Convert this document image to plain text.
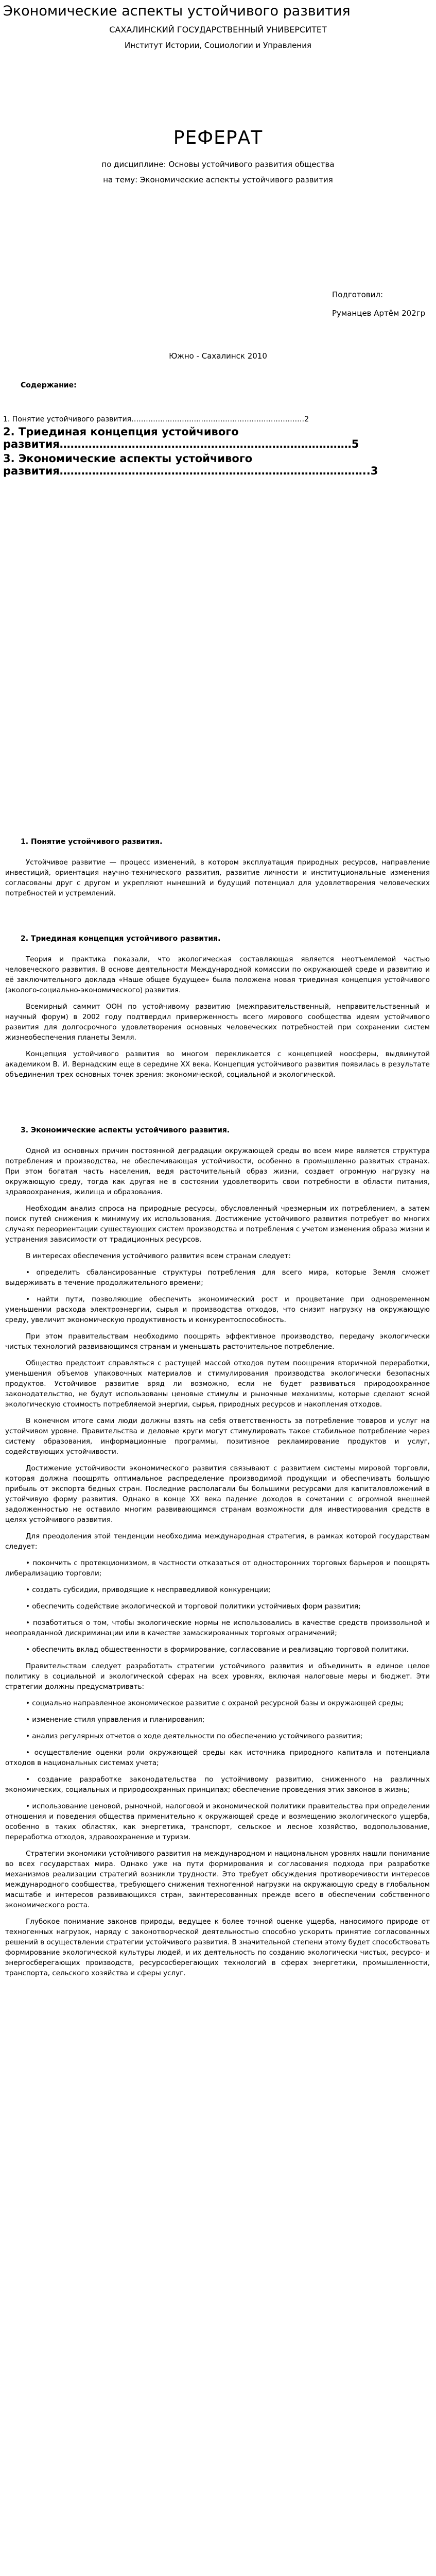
Экономические аспекты устойчивого развития
САХАЛИНСКИЙ ГОСУДАРСТВЕННЫЙ УНИВЕРСИТЕТ
Институт Истории, Социологии и Управления
РЕФЕРАТ
по дисциплине: Основы устойчивого развития общества
на тему: Экономические аспекты устойчивого развития
Подготовил:
Руманцев Артём 202гр
Южно - Сахалинск 2010
Содержание:
1. Понятие устойчивого развития………………………………………………………………2
2. Триединая концепция устойчивого развития………………………………………………………………………5
3. Экономические аспекты устойчивого развития…………………………………………………………………………..3
1. Понятие устойчивого развития.

Устойчивое развитие — процесс изменений, в котором эксплуатация природных ресурсов, направление инвестиций, ориентация научно-технического развития, развитие личности и институциональные изменения согласованы друг с другом и укрепляют нынешний и будущий потенциал для удовлетворения человеческих потребностей и устремлений.

2. Триединая концепция устойчивого развития.

Теория и практика показали, что экологическая составляющая является неотъемлемой частью человеческого развития. В основе деятельности Международной комиссии по окружающей среде и развитию и её заключительного доклада «Наше общее будущее» была положена новая триединая концепция устойчивого (эколого-социально-экономического) развития.

Всемирный саммит ООН по устойчивому развитию (межправительственный, неправительственный и научный форум) в 2002 году подтвердил приверженность всего мирового сообщества идеям устойчивого развития для долгосрочного удовлетворения основных человеческих потребностей при сохранении систем жизнеобеспечения планеты Земля.

Концепция устойчивого развития во многом перекликается с концепцией ноосферы, выдвинутой академиком В. И. Вернадским еще в середине XX века. Концепция устойчивого развития появилась в результате объединения трех основных точек зрения: экономической, социальной и экологической.

3. Экономические аспекты устойчивого развития.

Одной из основных причин постоянной деградации окружающей среды во всем мире является структура потребления и производства, не обеспечивающая устойчивости, особенно в промышленно развитых странах. При этом богатая часть населения, ведя расточительный образ жизни, создает огромную нагрузку на окружающую среду, тогда как другая не в состоянии удовлетворить свои потребности в области питания, здравоохранения, жилища и образования.

Необходим анализ спроса на природные ресурсы, обусловленный чрезмерным их потреблением, а затем поиск путей снижения к минимуму их использования. Достижение устойчивого развития потребует во многих случаях переориентации существующих систем производства и потребления с учетом изменения образа жизни и устранения зависимости от традиционных ресурсов.

В интересах обеспечения устойчивого развития всем странам следует:

• определить сбалансированные структуры потребления для всего мира, которые Земля сможет выдерживать в течение продолжительного времени;

• найти пути, позволяющие обеспечить экономический рост и процветание при одновременном уменьшении расхода электроэнергии, сырья и производства отходов, что снизит нагрузку на окружающую среду, увеличит экономическую продуктивность и конкурентоспособность.

При этом правительствам необходимо поощрять эффективное производство, передачу экологически чистых технологий развивающимся странам и уменьшать расточительное потребление.

Общество предстоит справляться с растущей массой отходов путем поощрения вторичной переработки, уменьшения объемов упаковочных материалов и стимулирования производства экологически безопасных продуктов. Устойчивое развитие вряд ли возможно, если не будет развиваться природоохранное законодательство, не будут использованы ценовые стимулы и рыночные механизмы, которые сделают ясной экологическую стоимость потребляемой энергии, сырья, природных ресурсов и накопления отходов.

В конечном итоге сами люди должны взять на себя ответственность за потребление товаров и услуг на устойчивом уровне. Правительства и деловые круги могут стимулировать такое стабильное потребление через систему образования, информационные программы, позитивное рекламирование продуктов и услуг, содействующих устойчивости.

Достижение устойчивости экономического развития связывают с развитием системы мировой торговли, которая должна поощрять оптимальное распределение производимой продукции и обеспечивать большую прибыль от экспорта бедных стран. Последние располагали бы большими ресурсами для капиталовложений в устойчивую форму развития. Однако в конце XX века падение доходов в сочетании с огромной внешней задолженностью не оставило многим развивающимся странам возможности для инвестирования средств в целях устойчивого развития.

Для преодоления этой тенденции необходима международная стратегия, в рамках которой государствам следует:

• покончить с протекционизмом, в частности отказаться от односторонних торговых барьеров и поощрять либерализацию торговли;

• создать субсидии, приводящие к несправедливой конкуренции;

• обеспечить содействие экологической и торговой политики устойчивых форм развития;

• позаботиться о том, чтобы экологические нормы не использовались в качестве средств произвольной и неоправданной дискриминации или в качестве замаскированных торговых ограничений;

• обеспечить вклад общественности в формирование, согласование и реализацию торговой политики.

Правительствам следует разработать стратегии устойчивого развития и объединить в единое целое политику в социальной и экологической сферах на всех уровнях, включая налоговые меры и бюджет. Эти стратегии должны предусматривать:

• социально направленное экономическое развитие с охраной ресурсной базы и окружающей среды;

• изменение стиля управления и планирования;

• анализ регулярных отчетов о ходе деятельности по обеспечению устойчивого развития;

• осуществление оценки роли окружающей среды как источника природного капитала и потенциала отходов в национальных системах учета;

• создание разработке законодательства по устойчивому развитию, сниженного на различных экономических, социальных и природоохранных принципах; обеспечение проведения этих законов в жизнь;

• использование ценовой, рыночной, налоговой и экономической политики правительства при определении отношения и поведения общества применительно к окружающей среде и возмещению экологического ущерба, особенно в таких областях, как энергетика, транспорт, сельское и лесное хозяйство, водопользование, переработка отходов, здравоохранение и туризм.

Стратегии экономики устойчивого развития на международном и национальном уровнях нашли понимание во всех государствах мира. Однако уже на пути формирования и согласования подхода при разработке механизмов реализации стратегий возникли трудности. Это требует обсуждения противоречивости интересов международного сообщества, требующего снижения техногенной нагрузки на окружающую среду в глобальном масштабе и интересов развивающихся стран, заинтересованных прежде всего в обеспечении собственного экономического роста.

Глубокое понимание законов природы, ведущее к более точной оценке ущерба, наносимого природе от техногенных нагрузок, наряду с законотворческой деятельностью способно ускорить принятие согласованных решений в осуществлении стратегии устойчивого развития. В значительной степени этому будет способствовать формирование экологической культуры людей, и их деятельность по созданию экологически чистых, ресурсо- и энергосберегающих производств, ресурсосберегающих технологий в сферах энергетики, промышленности, транспорта, сельского хозяйства и сферы услуг.
